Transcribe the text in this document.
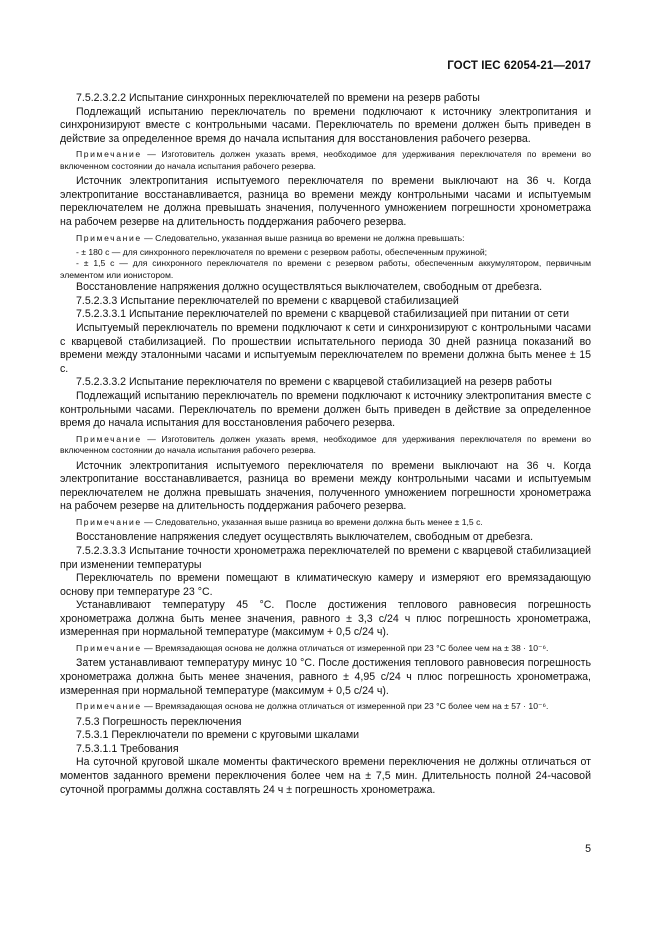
ГОСТ IEC 62054-21—2017

7.5.2.3.2.2 Испытание синхронных переключателей по времени на резерв работы

Подлежащий испытанию переключатель по времени подключают к источнику электропитания и синхронизируют вместе с контрольными часами. Переключатель по времени должен быть приведен в действие за определенное время до начала испытания для восстановления рабочего резерва.

Примечание — Изготовитель должен указать время, необходимое для удерживания переключателя по времени во включенном состоянии до начала испытания рабочего резерва.

Источник электропитания испытуемого переключателя по времени выключают на 36 ч. Когда электропитание восстанавливается, разница во времени между контрольными часами и испытуемым переключателем не должна превышать значения, полученного умножением погрешности хронометража на рабочем резерве на длительность поддержания рабочего резерва.

Примечание — Следовательно, указанная выше разница во времени не должна превышать:

- ± 180 с — для синхронного переключателя по времени с резервом работы, обеспеченным пружиной;

- ± 1,5 с — для синхронного переключателя по времени с резервом работы, обеспеченным аккумулятором, первичным элементом или ионистором.

Восстановление напряжения должно осуществляться выключателем, свободным от дребезга.

7.5.2.3.3 Испытание переключателей по времени с кварцевой стабилизацией

7.5.2.3.3.1 Испытание переключателей по времени с кварцевой стабилизацией при питании от сети

Испытуемый переключатель по времени подключают к сети и синхронизируют с контрольными часами с кварцевой стабилизацией. По прошествии испытательного периода 30 дней разница показаний во времени между эталонными часами и испытуемым переключателем по времени должна быть менее ± 15 с.

7.5.2.3.3.2 Испытание переключателя по времени с кварцевой стабилизацией на резерв работы

Подлежащий испытанию переключатель по времени подключают к источнику электропитания вместе с контрольными часами. Переключатель по времени должен быть приведен в действие за определенное время до начала испытания для восстановления рабочего резерва.

Примечание — Изготовитель должен указать время, необходимое для удерживания переключателя по времени во включенном состоянии до начала испытания рабочего резерва.

Источник электропитания испытуемого переключателя по времени выключают на 36 ч. Когда электропитание восстанавливается, разница во времени между контрольными часами и испытуемым переключателем не должна превышать значения, полученного умножением погрешности хронометража на рабочем резерве на длительность поддержания рабочего резерва.

Примечание — Следовательно, указанная выше разница во времени должна быть менее ± 1,5 с.

Восстановление напряжения следует осуществлять выключателем, свободным от дребезга.

7.5.2.3.3.3 Испытание точности хронометража переключателей по времени с кварцевой стабилизацией при изменении температуры

Переключатель по времени помещают в климатическую камеру и измеряют его времязадающую основу при температуре 23 °С.

Устанавливают температуру 45 °С. После достижения теплового равновесия погрешность хронометража должна быть менее значения, равного ± 3,3 с/24 ч плюс погрешность хронометража, измеренная при нормальной температуре (максимум + 0,5 с/24 ч).

Примечание — Времязадающая основа не должна отличаться от измеренной при 23 °С более чем на ± 38 · 10⁻⁶.

Затем устанавливают температуру минус 10 °С. После достижения теплового равновесия погрешность хронометража должна быть менее значения, равного ± 4,95 с/24 ч плюс погрешность хронометража, измеренная при нормальной температуре (максимум + 0,5 с/24 ч).

Примечание — Времязадающая основа не должна отличаться от измеренной при 23 °С более чем на ± 57 · 10⁻⁶.

7.5.3 Погрешность переключения

7.5.3.1 Переключатели по времени с круговыми шкалами

7.5.3.1.1 Требования

На суточной круговой шкале моменты фактического времени переключения не должны отличаться от моментов заданного времени переключения более чем на ± 7,5 мин. Длительность полной 24-часовой суточной программы должна составлять 24 ч ± погрешность хронометража.

5
